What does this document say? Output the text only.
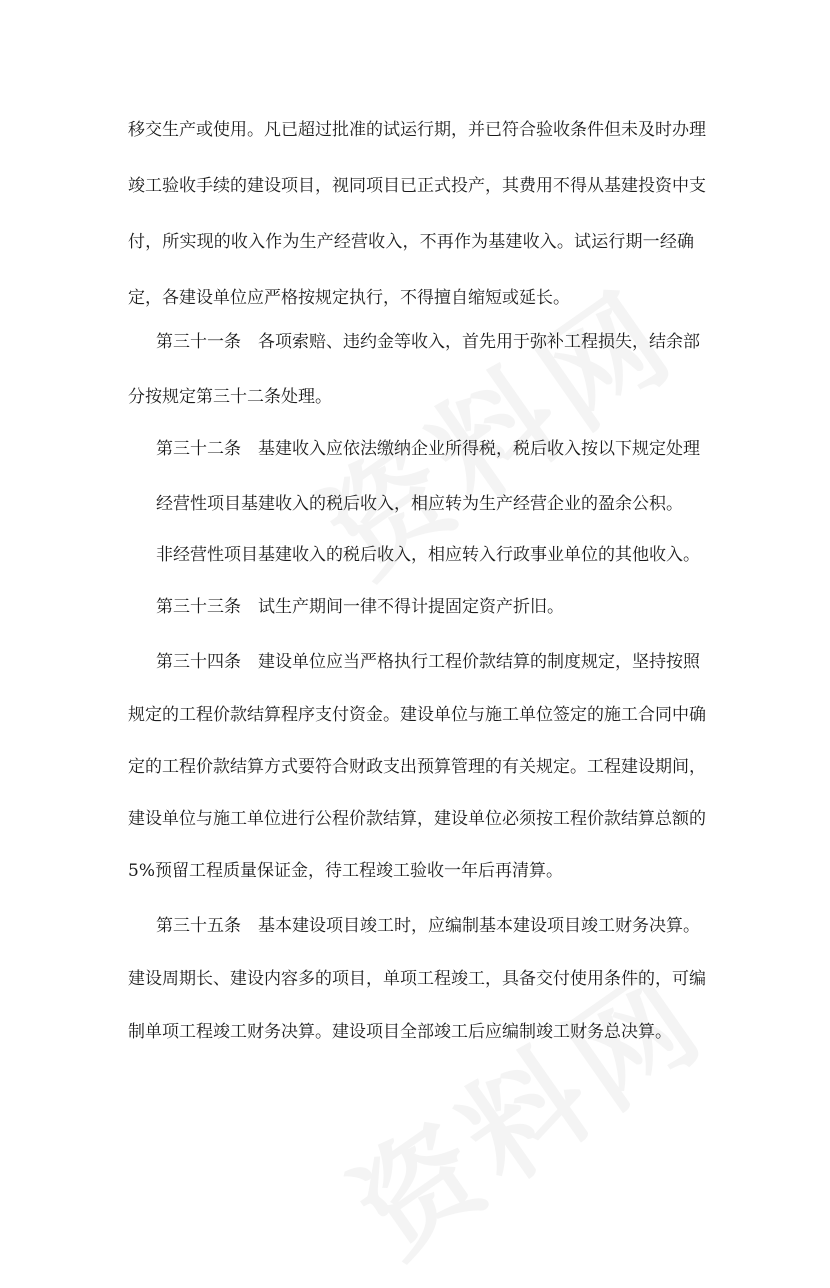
移交生产或使用。凡已超过批准的试运行期，并已符合验收条件但未及时办理
竣工验收手续的建设项目，视同项目已正式投产，其费用不得从基建投资中支
付，所实现的收入作为生产经营收入，不再作为基建收入。试运行期一经确
定，各建设单位应严格按规定执行，不得擅自缩短或延长。
第三十一条　各项索赔、违约金等收入，首先用于弥补工程损失，结余部
分按规定第三十二条处理。
第三十二条　基建收入应依法缴纳企业所得税，税后收入按以下规定处理
经营性项目基建收入的税后收入，相应转为生产经营企业的盈余公积。
非经营性项目基建收入的税后收入，相应转入行政事业单位的其他收入。
第三十三条　试生产期间一律不得计提固定资产折旧。
第三十四条　建设单位应当严格执行工程价款结算的制度规定，坚持按照
规定的工程价款结算程序支付资金。建设单位与施工单位签定的施工合同中确
定的工程价款结算方式要符合财政支出预算管理的有关规定。工程建设期间，
建设单位与施工单位进行公程价款结算，建设单位必须按工程价款结算总额的
5%预留工程质量保证金，待工程竣工验收一年后再清算。
第三十五条　基本建设项目竣工时，应编制基本建设项目竣工财务决算。
建设周期长、建设内容多的项目，单项工程竣工，具备交付使用条件的，可编
制单项工程竣工财务决算。建设项目全部竣工后应编制竣工财务总决算。
